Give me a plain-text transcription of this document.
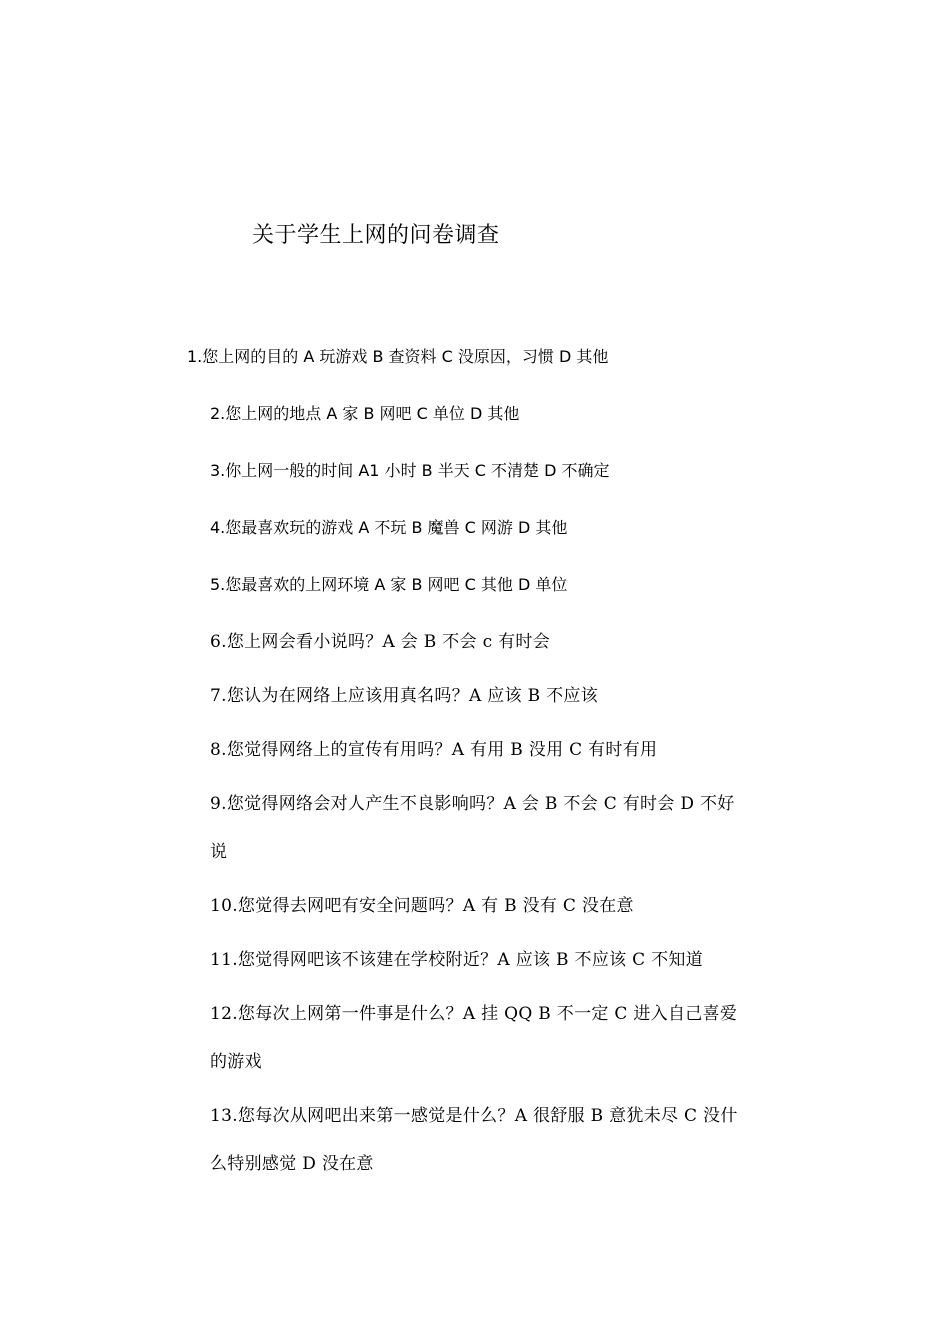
关于学生上网的问卷调查
1.您上网的目的 A 玩游戏 B 查资料 C 没原因，习惯 D 其他
2.您上网的地点 A 家 B 网吧 C 单位 D 其他
3.你上网一般的时间 A1 小时 B 半天 C 不清楚 D 不确定
4.您最喜欢玩的游戏 A 不玩 B 魔兽 C 网游 D 其他
5.您最喜欢的上网环境 A 家 B 网吧 C 其他 D 单位
6.您上网会看小说吗？A 会 B 不会 c 有时会
7.您认为在网络上应该用真名吗？A 应该 B 不应该
8.您觉得网络上的宣传有用吗？A 有用 B 没用 C 有时有用
9.您觉得网络会对人产生不良影响吗？A 会 B 不会 C 有时会 D 不好
说
10.您觉得去网吧有安全问题吗？A 有 B 没有 C 没在意
11.您觉得网吧该不该建在学校附近？A 应该 B 不应该 C 不知道
12.您每次上网第一件事是什么？A 挂 QQ B 不一定 C 进入自己喜爱
的游戏
13.您每次从网吧出来第一感觉是什么？A 很舒服 B 意犹未尽 C 没什
么特别感觉 D 没在意
